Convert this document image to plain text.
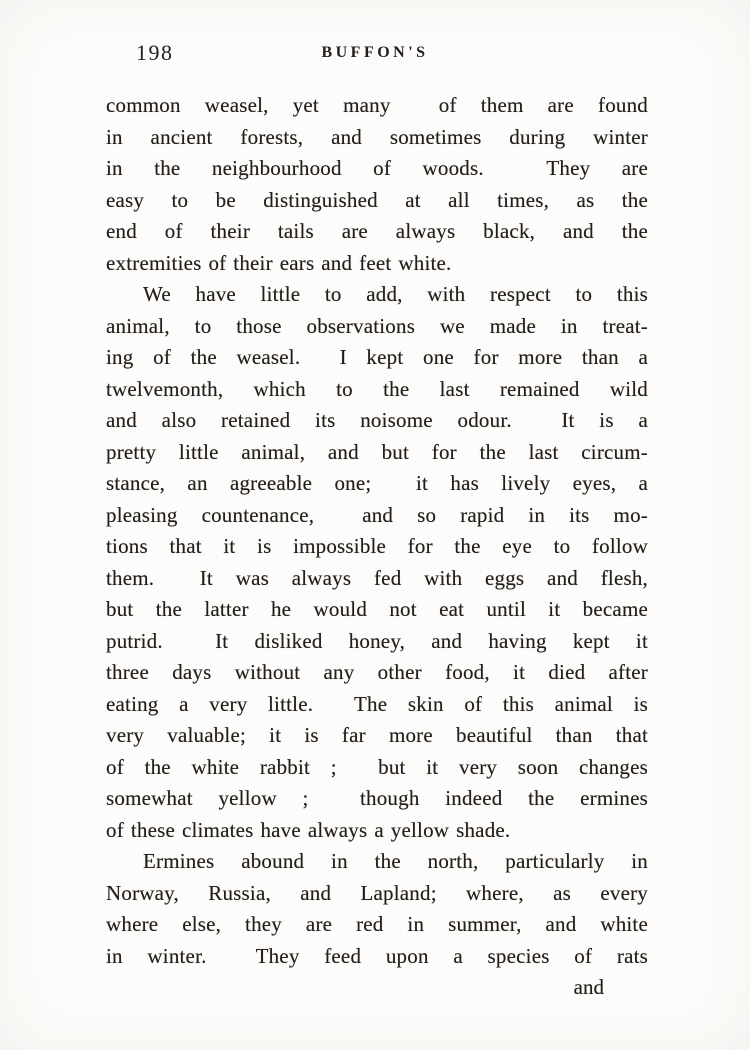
198	BUFFON'S
common weasel, yet many  of them are found
in ancient forests, and sometimes during winter
in the neighbourhood of woods.  They are
easy to be distinguished at all times, as the
end of their tails are always black, and the
extremities of their ears and feet white.
We have little to add, with respect to this
animal, to those observations we made in treat-
ing of the weasel.  I kept one for more than a
twelvemonth, which to the last remained wild
and also retained its noisome odour.  It is a
pretty little animal, and but for the last circum-
stance, an agreeable one;  it has lively eyes, a
pleasing countenance,  and so rapid in its mo-
tions that it is impossible for the eye to follow
them.  It was always fed with eggs and flesh,
but the latter he would not eat until it became
putrid.  It disliked honey, and having kept it
three days without any other food, it died after
eating a very little.  The skin of this animal is
very valuable; it is far more beautiful than that
of the white rabbit ;  but it very soon changes
somewhat yellow ;  though indeed the ermines
of these climates have always a yellow shade.
Ermines abound in the north, particularly in
Norway, Russia, and Lapland; where, as every
where else, they are red in summer, and white
in winter.  They feed upon a species of rats
and
